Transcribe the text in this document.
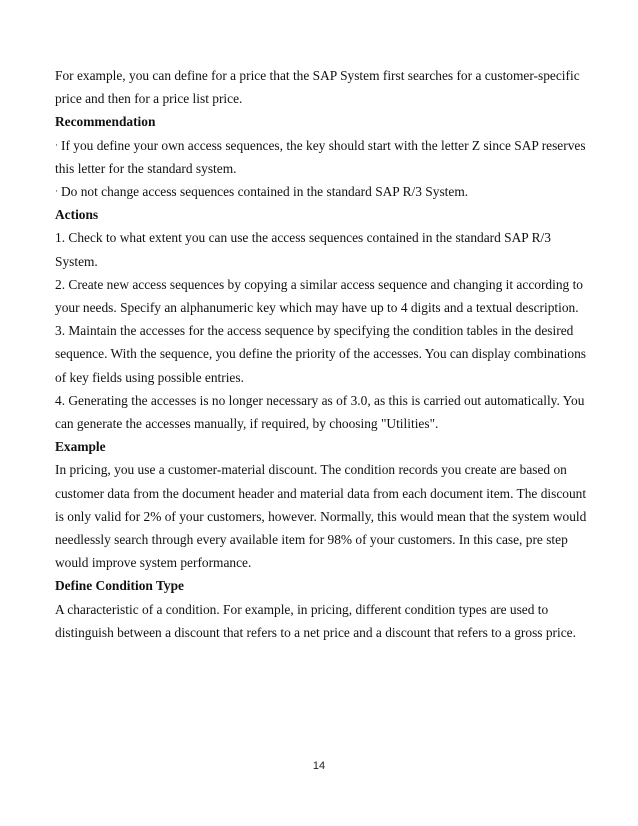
For example, you can define for a price that the SAP System first searches for a customer-specific price and then for a price list price.

Recommendation

· If you define your own access sequences, the key should start with the letter Z since SAP reserves this letter for the standard system.

· Do not change access sequences contained in the standard SAP R/3 System.

Actions

1. Check to what extent you can use the access sequences contained in the standard SAP R/3 System.

2. Create new access sequences by copying a similar access sequence and changing it according to your needs. Specify an alphanumeric key which may have up to 4 digits and a textual description.

3. Maintain the accesses for the access sequence by specifying the condition tables in the desired sequence. With the sequence, you define the priority of the accesses. You can display combinations of key fields using possible entries.

4. Generating the accesses is no longer necessary as of 3.0, as this is carried out automatically. You can generate the accesses manually, if required, by choosing "Utilities".

Example

In pricing, you use a customer-material discount. The condition records you create are based on customer data from the document header and material data from each document item. The discount is only valid for 2% of your customers, however. Normally, this would mean that the system would needlessly search through every available item for 98% of your customers. In this case, pre step would improve system performance.

Define Condition Type

A characteristic of a condition. For example, in pricing, different condition types are used to distinguish between a discount that refers to a net price and a discount that refers to a gross price.

14
